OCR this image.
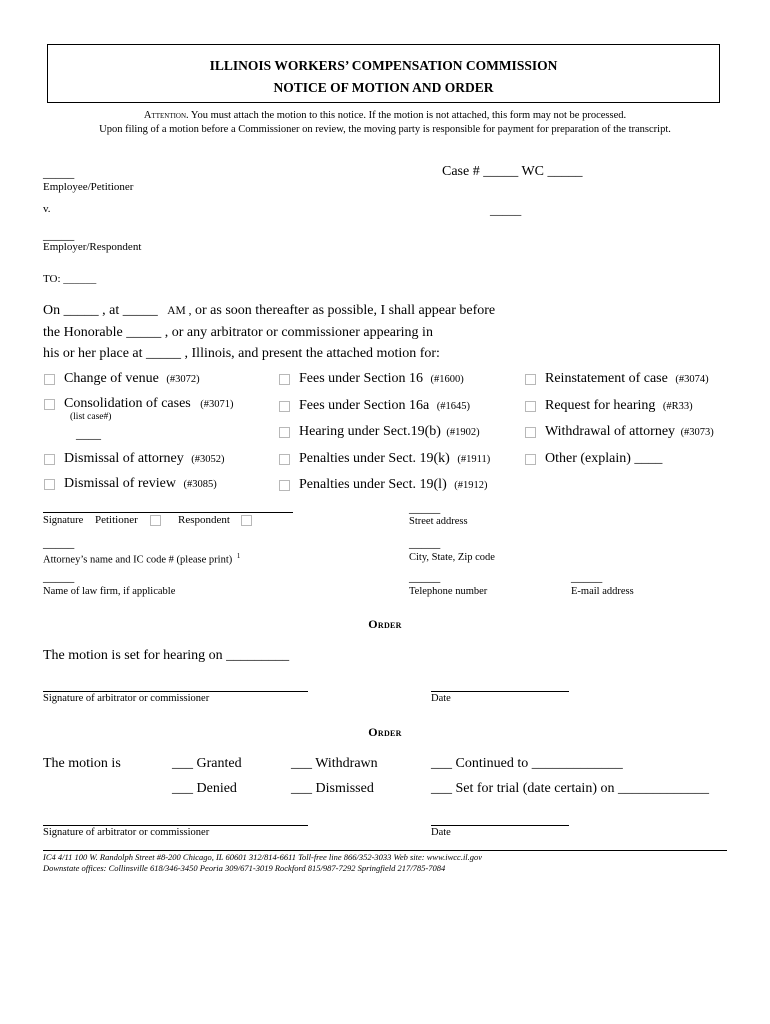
ILLINOIS WORKERS’ COMPENSATION COMMISSION
NOTICE OF MOTION AND ORDER
Attention. You must attach the motion to this notice. If the motion is not attached, this form may not be processed.
Upon filing of a motion before a Commissioner on review, the moving party is responsible for payment for preparation of the transcript.
_____
Employee/Petitioner
v.
_____
Employer/Respondent
TO: ______
Case # _____ WC _____
_____
On _____ , at _____ AM , or as soon thereafter as possible, I shall appear before
the Honorable _____ , or any arbitrator or commissioner appearing in
his or her place at _____ , Illinois, and present the attached motion for:
Change of venue (#3072)
Consolidation of cases (#3071)
(list case#)
____
Dismissal of attorney (#3052)
Dismissal of review (#3085)
Fees under Section 16 (#1600)
Fees under Section 16a (#1645)
Hearing under Sect.19(b) (#1902)
Penalties under Sect. 19(k) (#1911)
Penalties under Sect. 19(l) (#1912)
Reinstatement of case (#3074)
Request for hearing (#R33)
Withdrawal of attorney (#3073)
Other (explain) ____
Signature Petitioner	Respondent
_____
Street address
_____
Attorney’s name and IC code # (please print) $^1$
_____
City, State, Zip code
_____
Name of law firm, if applicable
_____
Telephone number
_____
E-mail address
Order
The motion is set for hearing on _________
Signature of arbitrator or commissioner	Date
Order
The motion is	___ Granted	___ Withdrawn	___ Continued to _____________
___ Denied	___ Dismissed	___ Set for trial (date certain) on _____________
Signature of arbitrator or commissioner	Date
IC4 4/11 100 W. Randolph Street #8-200 Chicago, IL 60601 312/814-6611 Toll-free line 866/352-3033 Web site: www.iwcc.il.gov
Downstate offices: Collinsville 618/346-3450 Peoria 309/671-3019 Rockford 815/987-7292 Springfield 217/785-7084
